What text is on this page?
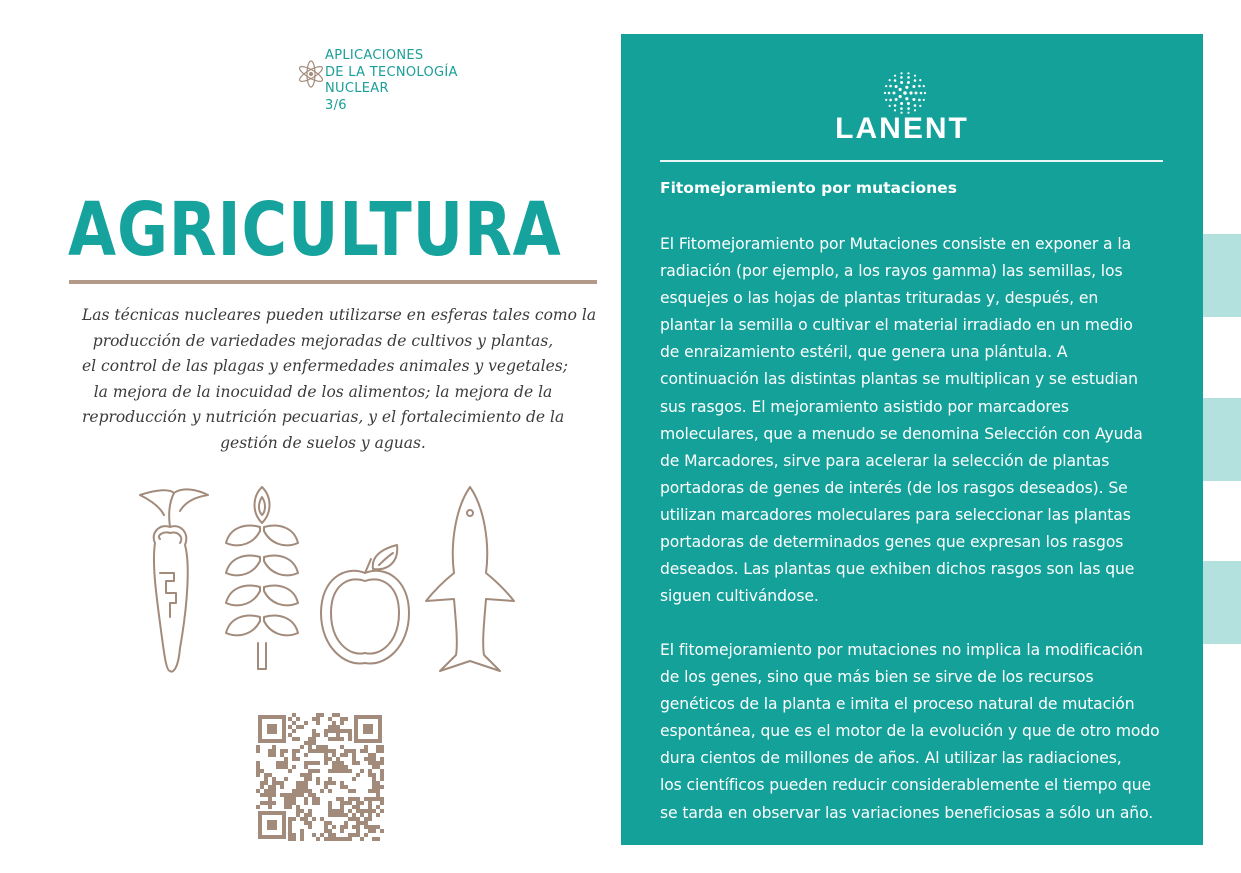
APLICACIONES
DE LA TECNOLOGÍA
NUCLEAR
3/6
AGRICULTURA
Las técnicas nucleares pueden utilizarse en esferas tales como la
producción de variedades mejoradas de cultivos y plantas,
el control de las plagas y enfermedades animales y vegetales;
la mejora de la inocuidad de los alimentos; la mejora de la
reproducción y nutrición pecuarias, y el fortalecimiento de la
gestión de suelos y aguas.
LANENT
Fitomejoramiento por mutaciones
El Fitomejoramiento por Mutaciones consiste en exponer a la
radiación (por ejemplo, a los rayos gamma) las semillas, los
esquejes o las hojas de plantas trituradas y, después, en
plantar la semilla o cultivar el material irradiado en un medio
de enraizamiento estéril, que genera una plántula. A
continuación las distintas plantas se multiplican y se estudian
sus rasgos. El mejoramiento asistido por marcadores
moleculares, que a menudo se denomina Selección con Ayuda
de Marcadores, sirve para acelerar la selección de plantas
portadoras de genes de interés (de los rasgos deseados). Se
utilizan marcadores moleculares para seleccionar las plantas
portadoras de determinados genes que expresan los rasgos
deseados. Las plantas que exhiben dichos rasgos son las que
siguen cultivándose.
El fitomejoramiento por mutaciones no implica la modificación
de los genes, sino que más bien se sirve de los recursos
genéticos de la planta e imita el proceso natural de mutación
espontánea, que es el motor de la evolución y que de otro modo
dura cientos de millones de años. Al utilizar las radiaciones,
los científicos pueden reducir considerablemente el tiempo que
se tarda en observar las variaciones beneficiosas a sólo un año.
